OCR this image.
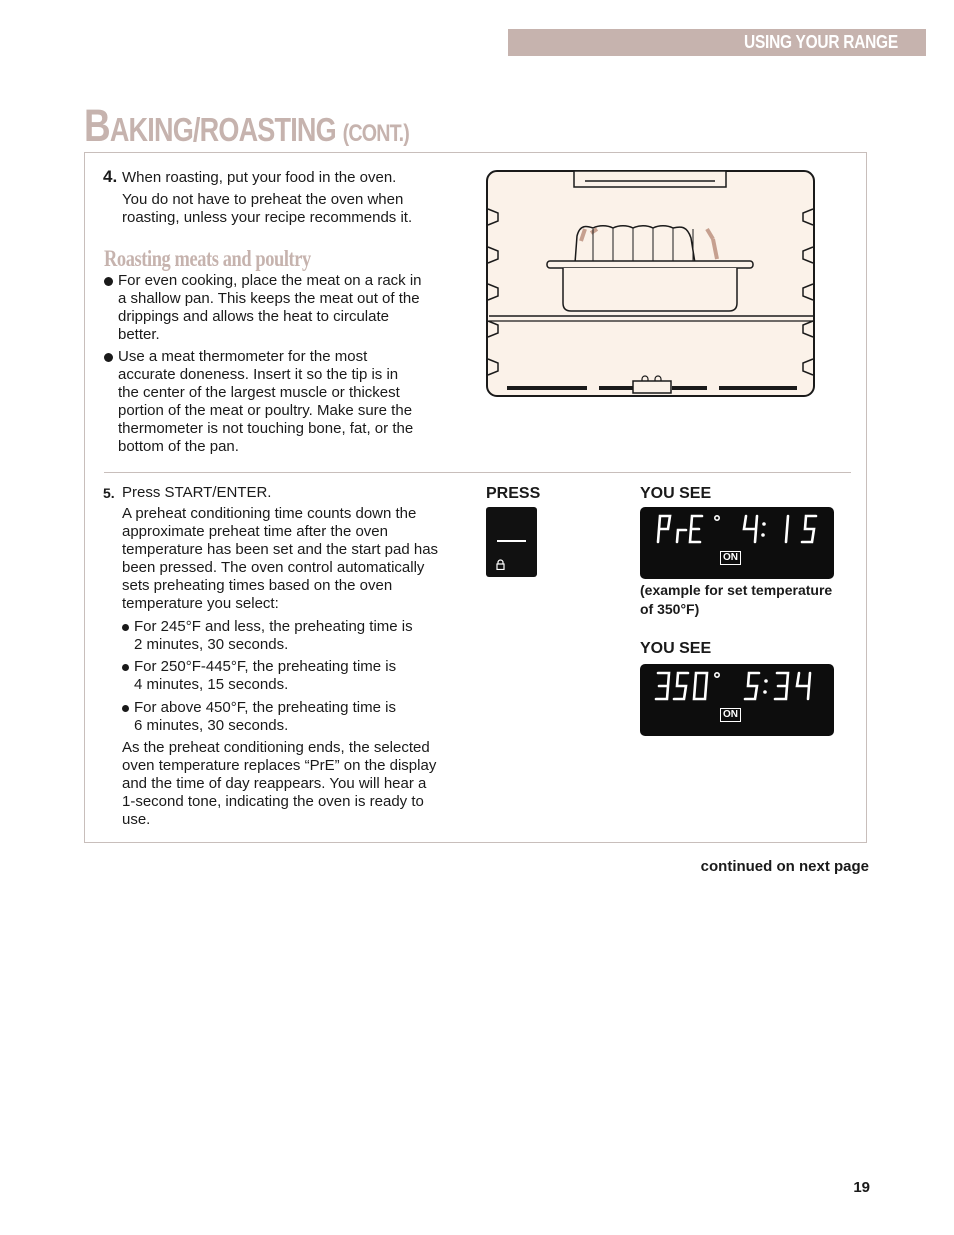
USING YOUR RANGE
BAKING/ROASTING (CONT.)
4. When roasting, put your food in the oven.

You do not have to preheat the oven when

roasting, unless your recipe recommends it.

Roasting meats and poultry
For even cooking, place the meat on a rack in
a shallow pan. This keeps the meat out of the
drippings and allows the heat to circulate
better.
Use a meat thermometer for the most
accurate doneness. Insert it so the tip is in
the center of the largest muscle or thickest
portion of the meat or poultry. Make sure the
thermometer is not touching bone, fat, or the
bottom of the pan.
5. Press START/ENTER.

A preheat conditioning time counts down the
approximate preheat time after the oven
temperature has been set and the start pad has
been pressed. The oven control automatically
sets preheating times based on the oven
temperature you select:
For 245°F and less, the preheating time is
2 minutes, 30 seconds.
For 250°F-445°F, the preheating time is
4 minutes, 15 seconds.
For above 450°F, the preheating time is
6 minutes, 30 seconds.
As the preheat conditioning ends, the selected
oven temperature replaces “PrE” on the display
and the time of day reappears. You will hear a
1-second tone, indicating the oven is ready to
use.

PRESS	YOU SEE

ON
(example for set temperature
of 350°F)

YOU SEE

ON
continued on next page
19
